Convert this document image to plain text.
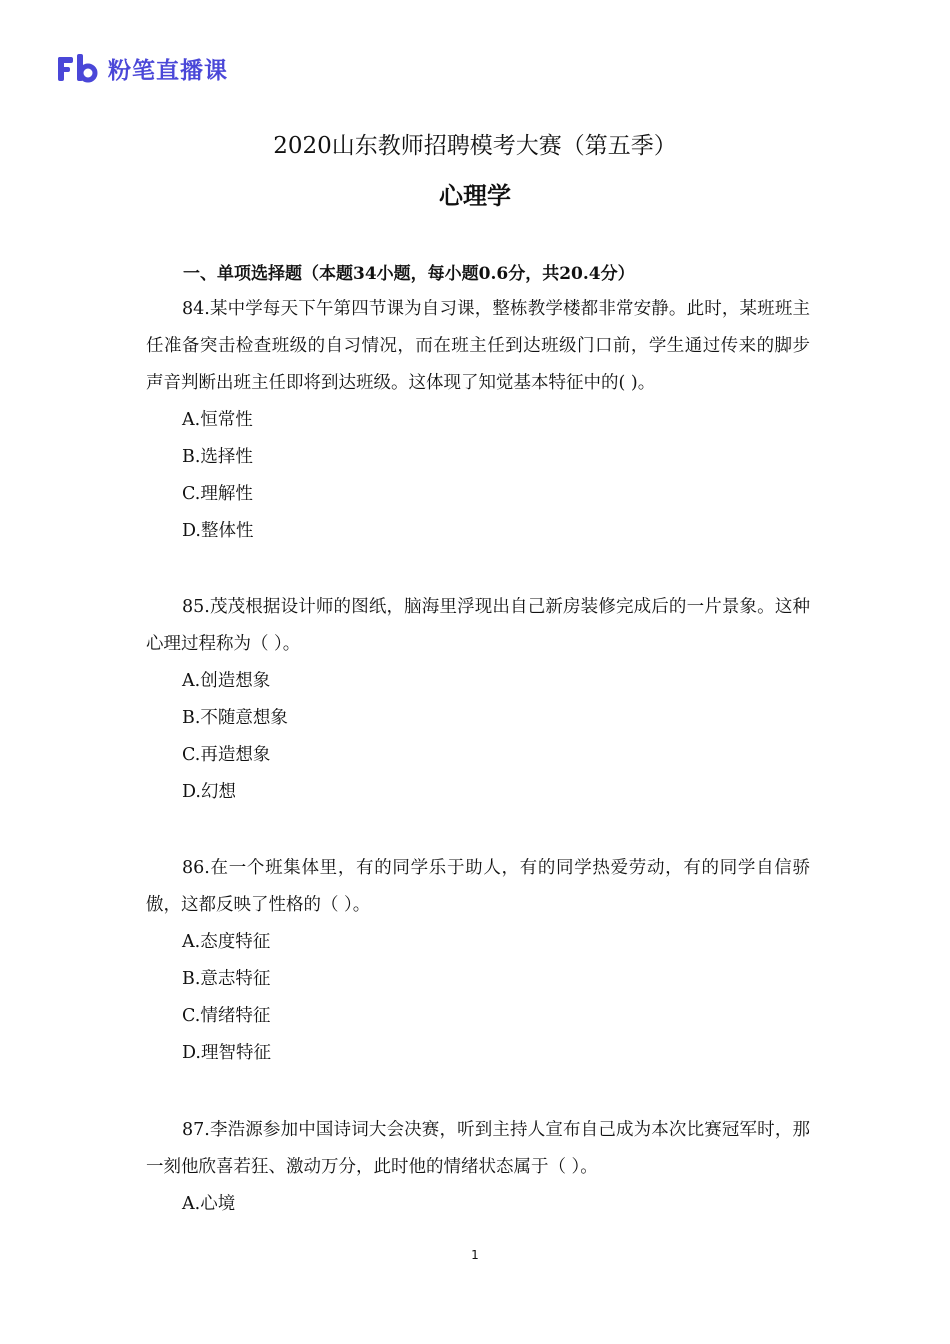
粉笔直播课
2020山东教师招聘模考大赛（第五季）
心理学
一、单项选择题（本题34小题，每小题0.6分，共20.4分）
84.某中学每天下午第四节课为自习课，整栋教学楼都非常安静。此时，某班班主任准备突击检查班级的自习情况，而在班主任到达班级门口前，学生通过传来的脚步声音判断出班主任即将到达班级。这体现了知觉基本特征中的( )。
A.恒常性
B.选择性
C.理解性
D.整体性
85.茂茂根据设计师的图纸，脑海里浮现出自己新房装修完成后的一片景象。这种心理过程称为（ ）。
A.创造想象
B.不随意想象
C.再造想象
D.幻想
86.在一个班集体里，有的同学乐于助人，有的同学热爱劳动，有的同学自信骄傲，这都反映了性格的（ ）。
A.态度特征
B.意志特征
C.情绪特征
D.理智特征
87.李浩源参加中国诗词大会决赛，听到主持人宣布自己成为本次比赛冠军时，那一刻他欣喜若狂、激动万分，此时他的情绪状态属于（ ）。
A.心境
1
